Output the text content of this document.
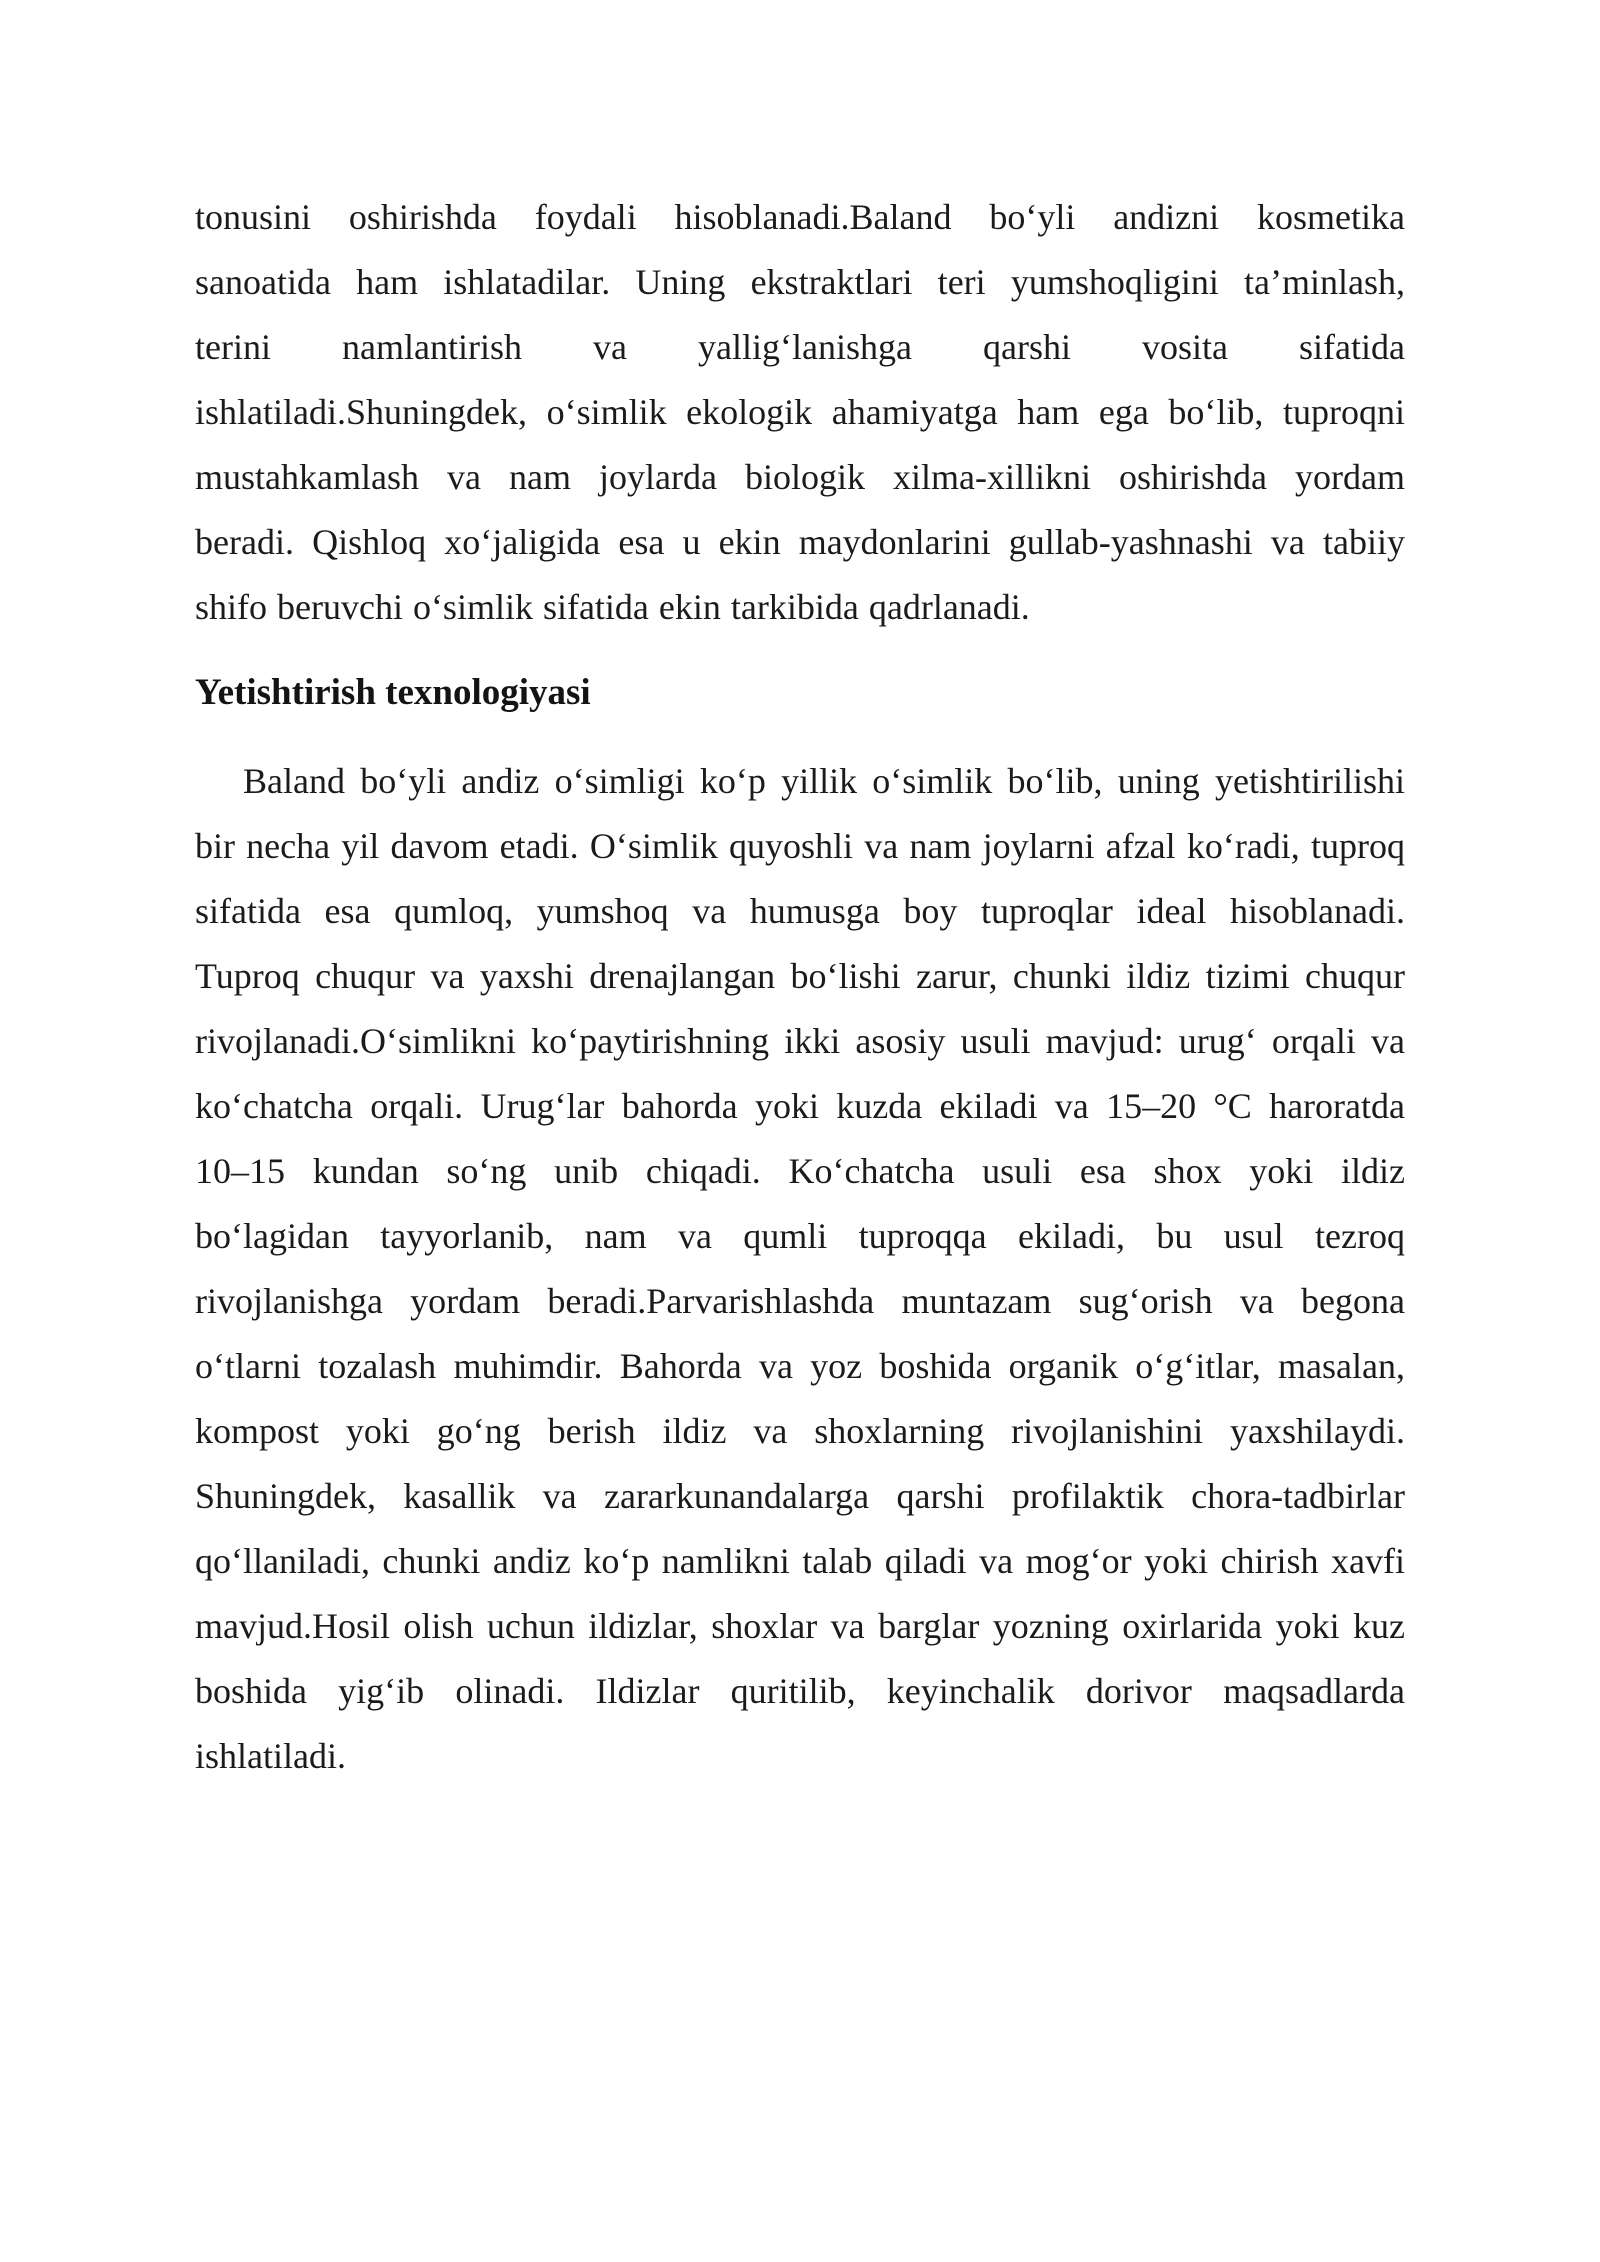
tonusini oshirishda foydali hisoblanadi.Baland bo‘yli andizni kosmetika
sanoatida ham ishlatadilar. Uning ekstraktlari teri yumshoqligini ta’minlash,
terini namlantirish va yallig‘lanishga qarshi vosita sifatida
ishlatiladi.Shuningdek, o‘simlik ekologik ahamiyatga ham ega bo‘lib, tuproqni
mustahkamlash va nam joylarda biologik xilma-xillikni oshirishda yordam
beradi. Qishloq xo‘jaligida esa u ekin maydonlarini gullab-yashnashi va tabiiy
shifo beruvchi o‘simlik sifatida ekin tarkibida qadrlanadi.
Yetishtirish texnologiyasi
Baland bo‘yli andiz o‘simligi ko‘p yillik o‘simlik bo‘lib, uning yetishtirilishi
bir necha yil davom etadi. O‘simlik quyoshli va nam joylarni afzal ko‘radi, tuproq
sifatida esa qumloq, yumshoq va humusga boy tuproqlar ideal hisoblanadi.
Tuproq chuqur va yaxshi drenajlangan bo‘lishi zarur, chunki ildiz tizimi chuqur
rivojlanadi.O‘simlikni ko‘paytirishning ikki asosiy usuli mavjud: urug‘ orqali va
ko‘chatcha orqali. Urug‘lar bahorda yoki kuzda ekiladi va 15–20 °C haroratda
10–15 kundan so‘ng unib chiqadi. Ko‘chatcha usuli esa shox yoki ildiz
bo‘lagidan tayyorlanib, nam va qumli tuproqqa ekiladi, bu usul tezroq
rivojlanishga yordam beradi.Parvarishlashda muntazam sug‘orish va begona
o‘tlarni tozalash muhimdir. Bahorda va yoz boshida organik o‘g‘itlar, masalan,
kompost yoki go‘ng berish ildiz va shoxlarning rivojlanishini yaxshilaydi.
Shuningdek, kasallik va zararkunandalarga qarshi profilaktik chora-tadbirlar
qo‘llaniladi, chunki andiz ko‘p namlikni talab qiladi va mog‘or yoki chirish xavfi
mavjud.Hosil olish uchun ildizlar, shoxlar va barglar yozning oxirlarida yoki kuz
boshida yig‘ib olinadi. Ildizlar quritilib, keyinchalik dorivor maqsadlarda
ishlatiladi.
